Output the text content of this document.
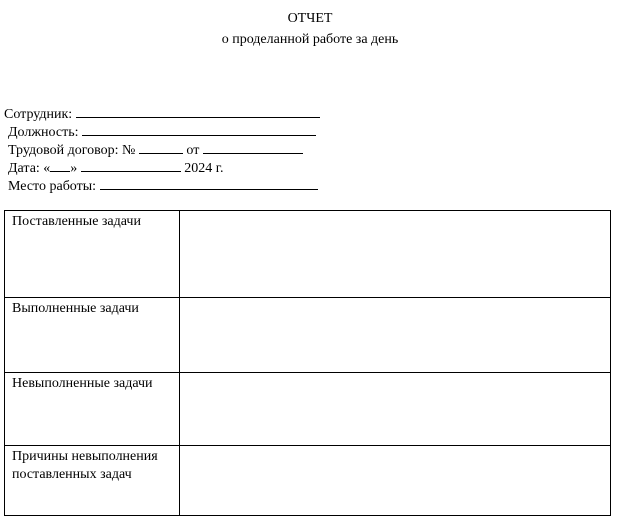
ОТЧЕТ
о проделанной работе за день
Сотрудник:
Должность:
Трудовой договор: №	от
Дата: « »	2024 г.
Место работы:
Поставленные задачи	
Выполненные задачи	
Невыполненные задачи	
Причины невыполнения поставленных задач	
